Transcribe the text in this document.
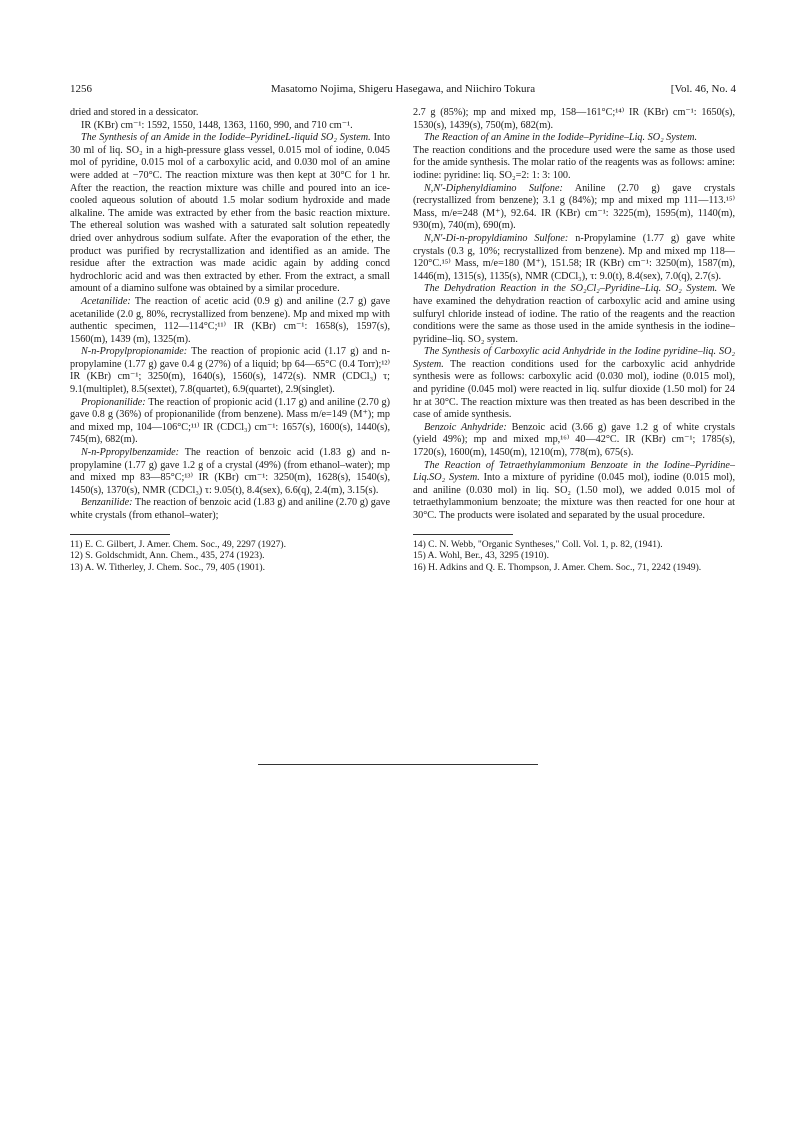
1256	Masatomo Nojima, Shigeru Hasegawa, and Niichiro Tokura	[Vol. 46, No. 4

dried and stored in a dessicator.

IR (KBr) cm⁻¹: 1592, 1550, 1448, 1363, 1160, 990, and 710 cm⁻¹.

The Synthesis of an Amide in the Iodide–PyridineL-liquid SO₂ System. Into 30 ml of liq. SO₂ in a high-pressure glass vessel, 0.015 mol of iodine, 0.045 mol of pyridine, 0.015 mol of a carboxylic acid, and 0.030 mol of an amine were added at −70°C. The reaction mixture was then kept at 30°C for 1 hr. After the reaction, the reaction mixture was chille and poured into an ice-cooled aqueous solution of aboutd 1.5 molar sodium hydroxide and made alkaline. The amide was extracted by ether from the basic reaction mixture. The ethereal solution was washed with a saturated salt solution repeatedly dried over anhydrous sodium sulfate. After the evaporation of the ether, the product was purified by recrystallization and identified as an amide. The residue after the extraction was made acidic again by adding concd hydrochloric acid and was then extracted by ether. From the extract, a small amount of a diamino sulfone was obtained by a similar procedure.

Acetanilide: The reaction of acetic acid (0.9 g) and aniline (2.7 g) gave acetanilide (2.0 g, 80%, recrystallized from benzene). Mp and mixed mp with authentic specimen, 112—114°C;¹¹⁾ IR (KBr) cm⁻¹: 1658(s), 1597(s), 1560(m), 1439 (m), 1325(m).

N-n-Propylpropionamide: The reaction of propionic acid (1.17 g) and n-propylamine (1.77 g) gave 0.4 g (27%) of a liquid; bp 64—65°C (0.4 Torr);¹²⁾ IR (KBr) cm⁻¹; 3250(m), 1640(s), 1560(s), 1472(s). NMR (CDCl₃) τ; 9.1(multiplet), 8.5(sextet), 7.8(quartet), 6.9(quartet), 2.9(singlet).

Propionanilide: The reaction of propionic acid (1.17 g) and aniline (2.70 g) gave 0.8 g (36%) of propionanilide (from benzene). Mass m/e=149 (M⁺); mp and mixed mp, 104—106°C;¹¹⁾ IR (CDCl₃) cm⁻¹: 1657(s), 1600(s), 1440(s), 745(m), 682(m).

N-n-Ppropylbenzamide: The reaction of benzoic acid (1.83 g) and n-propylamine (1.77 g) gave 1.2 g of a crystal (49%) (from ethanol–water); mp and mixed mp 83—85°C;¹³⁾ IR (KBr) cm⁻¹: 3250(m), 1628(s), 1540(s), 1450(s), 1370(s), NMR (CDCl₃) τ: 9.05(t), 8.4(sex), 6.6(q), 2.4(m), 3.15(s).

Benzanilide: The reaction of benzoic acid (1.83 g) and aniline (2.70 g) gave white crystals (from ethanol–water);

11) E. C. Gilbert, J. Amer. Chem. Soc., 49, 2297 (1927).
12) S. Goldschmidt, Ann. Chem., 435, 274 (1923).
13) A. W. Titherley, J. Chem. Soc., 79, 405 (1901).

2.7 g (85%); mp and mixed mp, 158—161°C;¹⁴⁾ IR (KBr) cm⁻¹: 1650(s), 1530(s), 1439(s), 750(m), 682(m).

The Reaction of an Amine in the Iodide–Pyridine–Liq. SO₂ System.

The reaction conditions and the procedure used were the same as those used for the amide synthesis. The molar ratio of the reagents was as follows: amine: iodine: pyridine: liq. SO₂=2: 1: 3: 100.

N,N′-Diphenyldiamino Sulfone: Aniline (2.70 g) gave crystals (recrystallized from benzene); 3.1 g (84%); mp and mixed mp 111—113.¹⁵⁾ Mass, m/e=248 (M⁺), 92.64. IR (KBr) cm⁻¹: 3225(m), 1595(m), 1140(m), 930(m), 740(m), 690(m).

N,N′-Di-n-propyldiamino Sulfone: n-Propylamine (1.77 g) gave white crystals (0.3 g, 10%; recrystallized from benzene). Mp and mixed mp 118—120°C.¹⁵⁾ Mass, m/e=180 (M⁺), 151.58; IR (KBr) cm⁻¹: 3250(m), 1587(m), 1446(m), 1315(s), 1135(s), NMR (CDCl₃), τ: 9.0(t), 8.4(sex), 7.0(q), 2.7(s).

The Dehydration Reaction in the SO₂Cl₂–Pyridine–Liq. SO₂ System. We have examined the dehydration reaction of carboxylic acid and amine using sulfuryl chloride instead of iodine. The ratio of the reagents and the reaction conditions were the same as those used in the amide synthesis in the iodine–pyridine–liq. SO₂ system.

The Synthesis of Carboxylic acid Anhydride in the Iodine pyridine–liq. SO₂ System. The reaction conditions used for the carboxylic acid anhydride synthesis were as follows: carboxylic acid (0.030 mol), iodine (0.015 mol), and pyridine (0.045 mol) were reacted in liq. sulfur dioxide (1.50 mol) for 24 hr at 30°C. The reaction mixture was then treated as has been described in the case of amide synthesis.

Benzoic Anhydride: Benzoic acid (3.66 g) gave 1.2 g of white crystals (yield 49%); mp and mixed mp,¹⁶⁾ 40—42°C. IR (KBr) cm⁻¹; 1785(s), 1720(s), 1600(m), 1450(m), 1210(m), 778(m), 675(s).

The Reaction of Tetraethylammonium Benzoate in the Iodine–Pyridine–Liq.SO₂ System. Into a mixture of pyridine (0.045 mol), iodine (0.015 mol), and aniline (0.030 mol) in liq. SO₂ (1.50 mol), we added 0.015 mol of tetraethylammonium benzoate; the mixture was then reacted for one hour at 30°C. The products were isolated and separated by the usual procedure.

14) C. N. Webb, "Organic Syntheses," Coll. Vol. 1, p. 82, (1941).
15) A. Wohl, Ber., 43, 3295 (1910).
16) H. Adkins and Q. E. Thompson, J. Amer. Chem. Soc., 71, 2242 (1949).
